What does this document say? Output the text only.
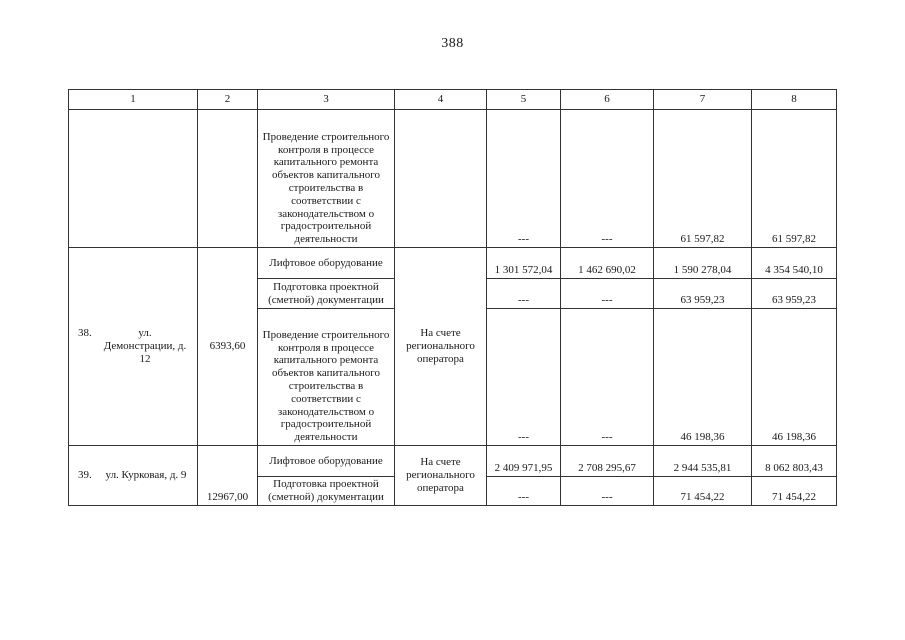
388
1	2	3	4	5	6	7	8
		Проведение строительного контроля в процессе капитального ремонта объектов капитального строительства в соответствии с законодательством о градостроительной деятельности		---	---	61 597,82	61 597,82

38. ул. Демонстрации, д. 12	6393,60	Лифтовое оборудование	На счете регионального оператора	1 301 572,04	1 462 690,02	1 590 278,04	4 354 540,10
		Подготовка проектной (сметной) документации		---	---	63 959,23	63 959,23
		Проведение строительного контроля в процессе капитального ремонта объектов капитального строительства в соответствии с законодательством о градостроительной деятельности		---	---	46 198,36	46 198,36

39. ул. Курковая, д. 9	12967,00	Лифтовое оборудование	На счете регионального оператора	2 409 971,95	2 708 295,67	2 944 535,81	8 062 803,43
		Подготовка проектной (сметной) документации		---	---	71 454,22	71 454,22
